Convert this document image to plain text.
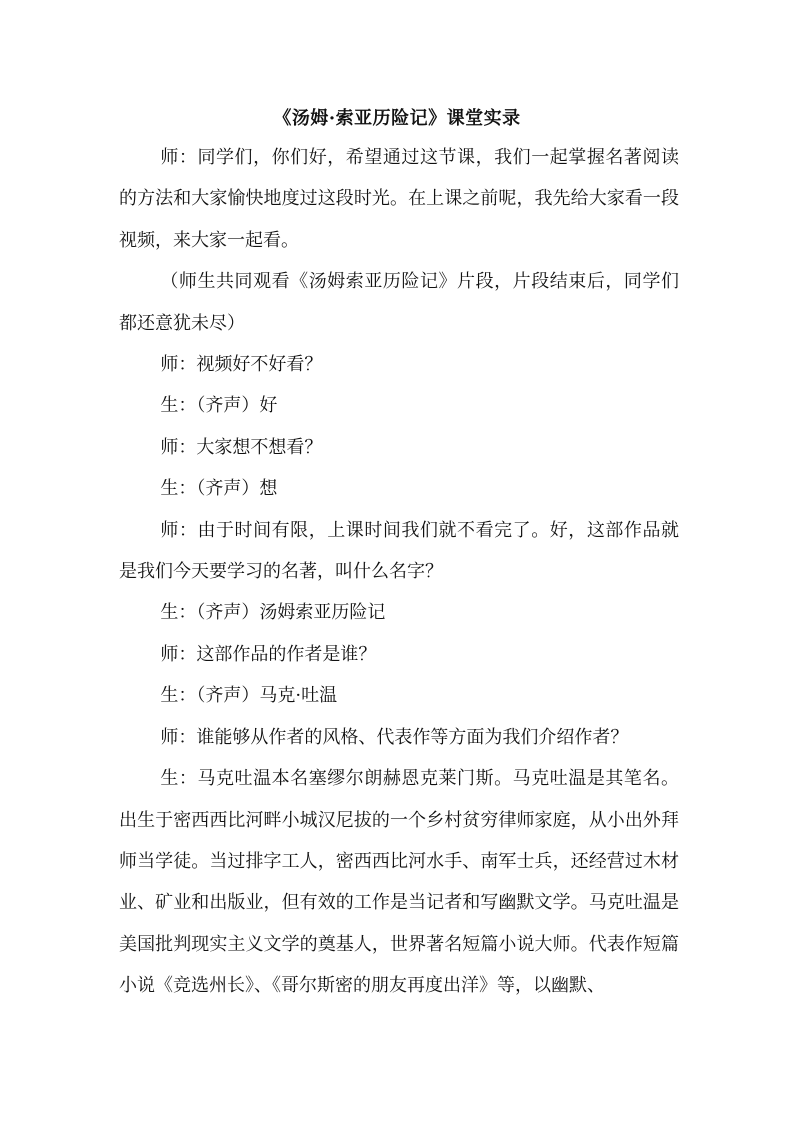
《汤姆·索亚历险记》课堂实录

师：同学们，你们好，希望通过这节课，我们一起掌握名著阅读的方法和大家愉快地度过这段时光。在上课之前呢，我先给大家看一段视频，来大家一起看。

（师生共同观看《汤姆索亚历险记》片段，片段结束后，同学们都还意犹未尽）

师：视频好不好看？

生：（齐声）好

师：大家想不想看？

生：（齐声）想

师：由于时间有限，上课时间我们就不看完了。好，这部作品就是我们今天要学习的名著，叫什么名字？

生：（齐声）汤姆索亚历险记

师：这部作品的作者是谁？

生：（齐声）马克·吐温

师：谁能够从作者的风格、代表作等方面为我们介绍作者？

生：马克吐温本名塞缪尔朗赫恩克莱门斯。马克吐温是其笔名。出生于密西西比河畔小城汉尼拔的一个乡村贫穷律师家庭，从小出外拜师当学徒。当过排字工人，密西西比河水手、南军士兵，还经营过木材业、矿业和出版业，但有效的工作是当记者和写幽默文学。马克吐温是美国批判现实主义文学的奠基人，世界著名短篇小说大师。代表作短篇小说《竞选州长》、《哥尔斯密的朋友再度出洋》等，以幽默、
